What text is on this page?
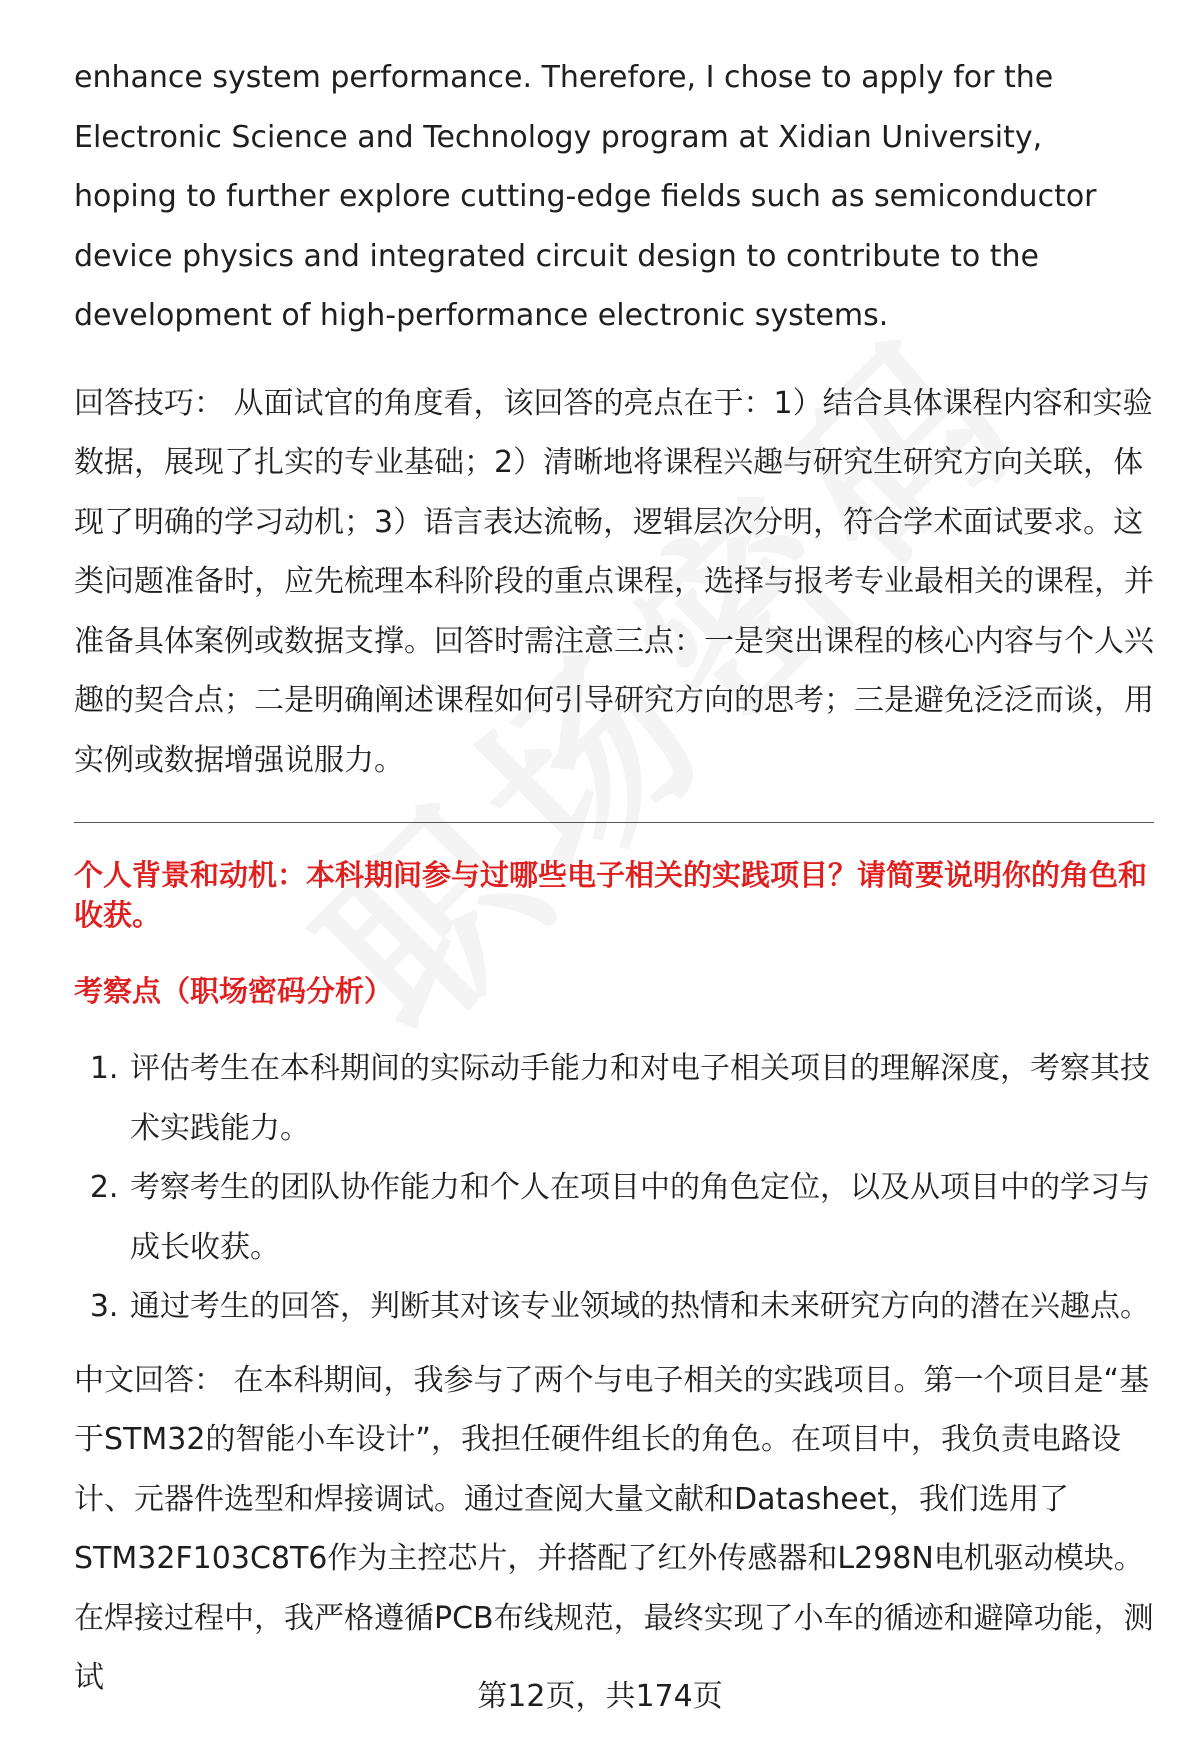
enhance system performance. Therefore, I chose to apply for the Electronic Science and Technology program at Xidian University, hoping to further explore cutting-edge fields such as semiconductor device physics and integrated circuit design to contribute to the development of high-performance electronic systems.

回答技巧： 从面试官的角度看，该回答的亮点在于：1）结合具体课程内容和实验数据，展现了扎实的专业基础；2）清晰地将课程兴趣与研究生研究方向关联，体现了明确的学习动机；3）语言表达流畅，逻辑层次分明，符合学术面试要求。这类问题准备时，应先梳理本科阶段的重点课程，选择与报考专业最相关的课程，并准备具体案例或数据支撑。回答时需注意三点：一是突出课程的核心内容与个人兴趣的契合点；二是明确阐述课程如何引导研究方向的思考；三是避免泛泛而谈，用实例或数据增强说服力。

个人背景和动机：本科期间参与过哪些电子相关的实践项目？请简要说明你的角色和收获。

考察点（职场密码分析）

1. 评估考生在本科期间的实际动手能力和对电子相关项目的理解深度，考察其技术实践能力。
2. 考察考生的团队协作能力和个人在项目中的角色定位，以及从项目中的学习与成长收获。
3. 通过考生的回答，判断其对该专业领域的热情和未来研究方向的潜在兴趣点。

中文回答： 在本科期间，我参与了两个与电子相关的实践项目。第一个项目是“基于STM32的智能小车设计”，我担任硬件组长的角色。在项目中，我负责电路设计、元器件选型和焊接调试。通过查阅大量文献和Datasheet，我们选用了STM32F103C8T6作为主控芯片，并搭配了红外传感器和L298N电机驱动模块。在焊接过程中，我严格遵循PCB布线规范，最终实现了小车的循迹和避障功能，测试

第12页，共174页
